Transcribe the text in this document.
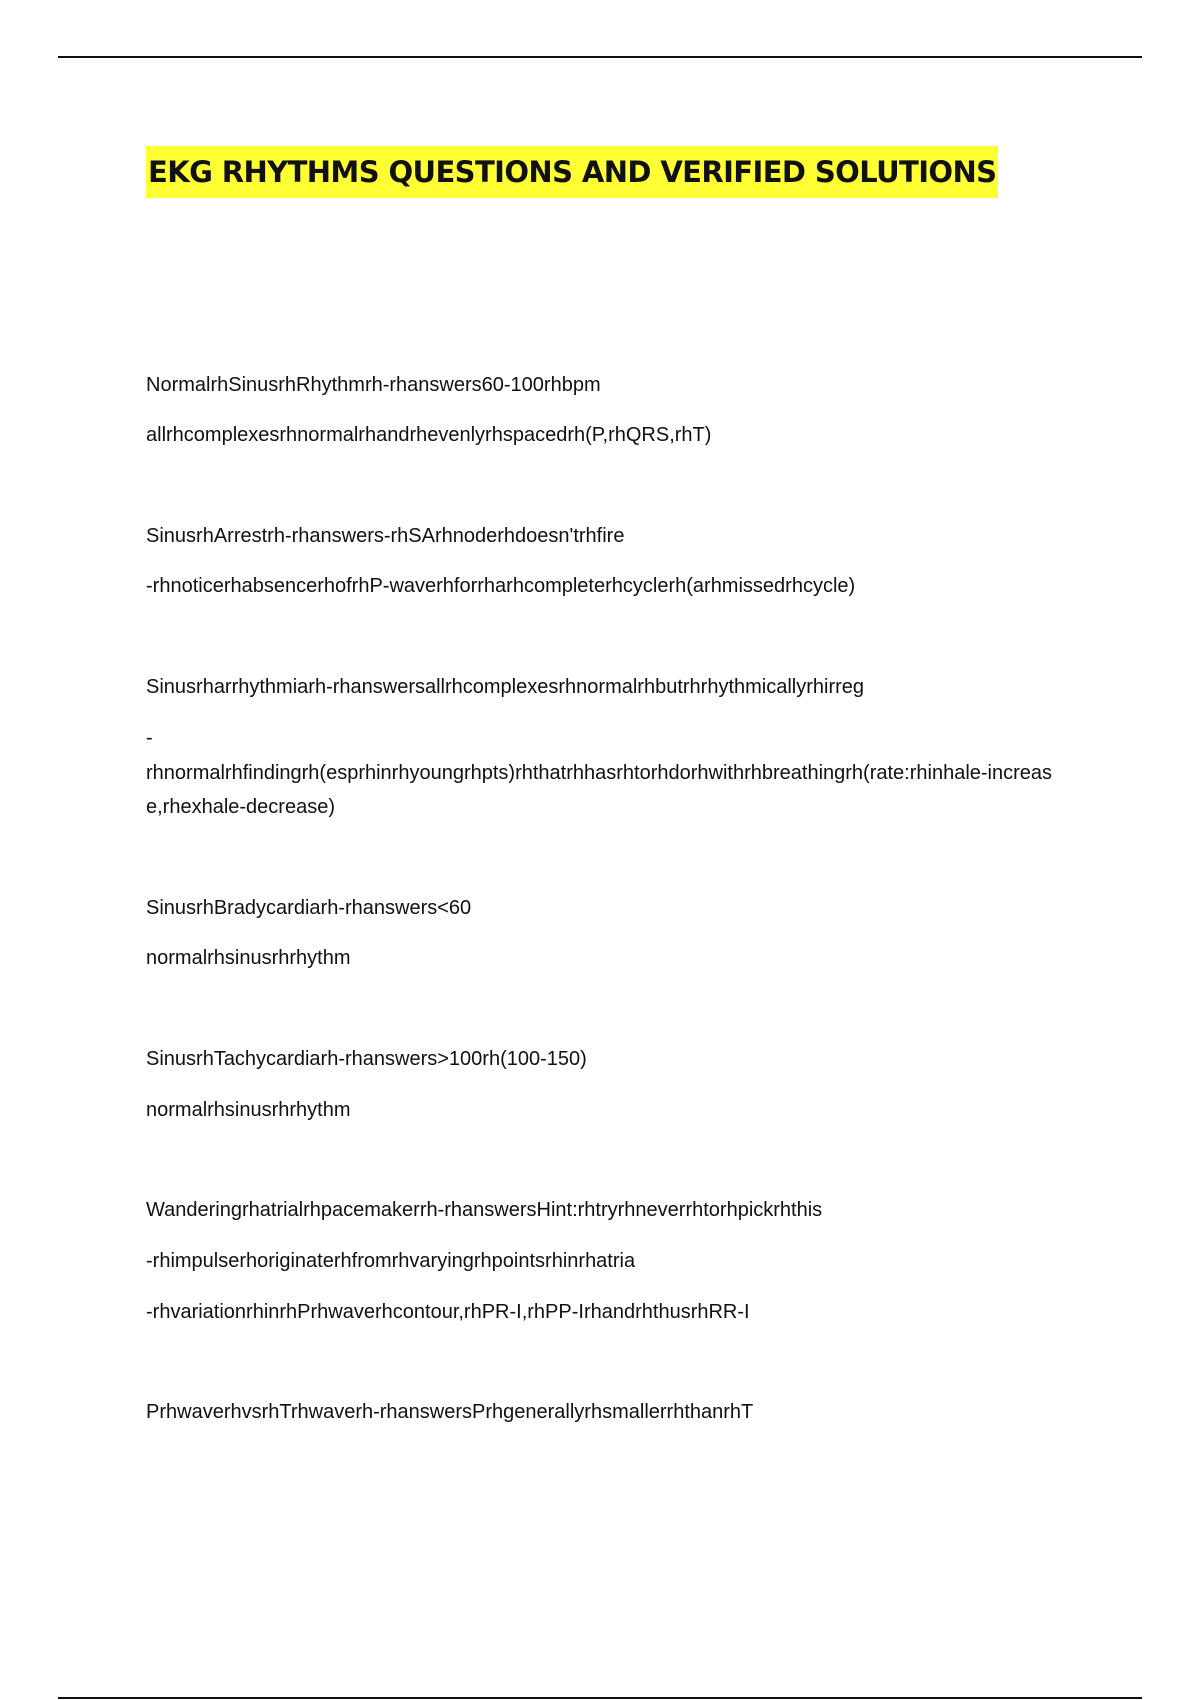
EKG RHYTHMS QUESTIONS AND VERIFIED SOLUTIONS
NormalrhSinusrhRhythmrh-rhanswers60-100rhbpm
allrhcomplexesrhnormalrhandrhevenlyrhspacedrh(P,rhQRS,rhT)
SinusrhArrestrh-rhanswers-rhSArhnoderhdoesn'trhfire
-rhnoticerhabsencerhofrhP-waverhforrharhcompleterhcyclerh(arhmissedrhcycle)
Sinusrharrhythmiarh-rhanswersallrhcomplexesrhnormalrhbutrhrhythmicallyrhirreg
-
rhnormalrhfindingrh(esprhinrhyoungrhpts)rhthatrhhasrhtorhdorhwithrhbreathingrh(rate:rhinhale-increase,rhexhale-decrease)
SinusrhBradycardiarh-rhanswers<60
normalrhsinusrhrhythm
SinusrhTachycardiarh-rhanswers>100rh(100-150)
normalrhsinusrhrhythm
Wanderingrhatrialrhpacemakerrh-rhanswersHint:rhtryrhneverrhtorhpickrhthis
-rhimpulserhoriginaterhfromrhvaryingrhpointsrhinrhatria
-rhvariationrhinrhPrhwaverhcontour,rhPR-I,rhPP-IrhandrhthusrhRR-I
PrhwaverhvsrhTrhwaverh-rhanswersPrhgenerallyrhsmallerrhthanrhT
